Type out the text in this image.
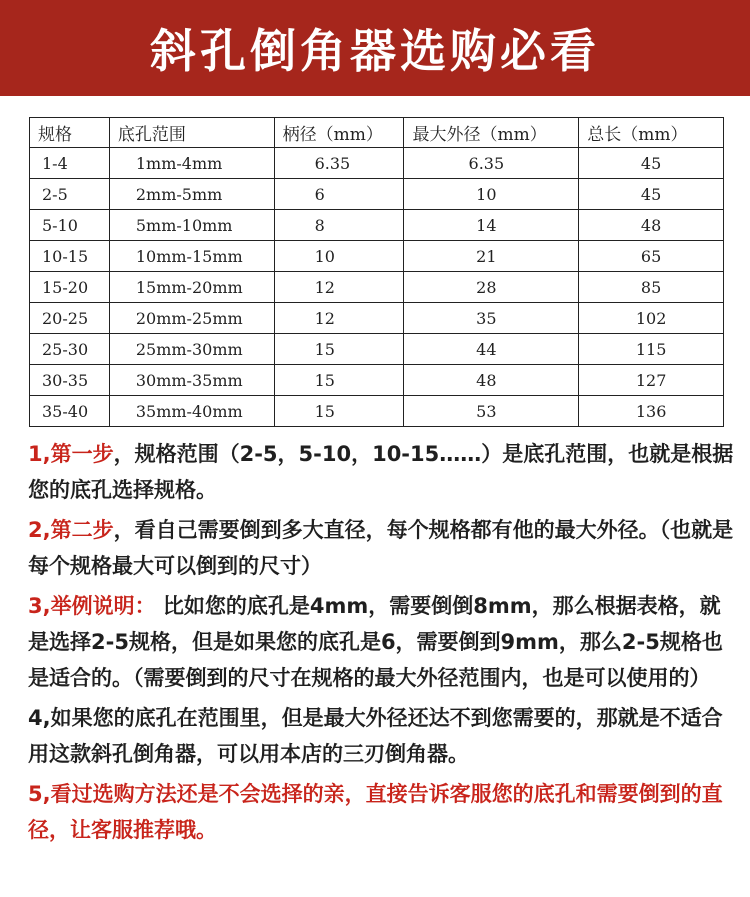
斜孔倒角器选购必看
规格	底孔范围	柄径（mm）	最大外径（mm）	总长（mm）
1-4	1mm-4mm	6.35	6.35	45
2-5	2mm-5mm	6	10	45
5-10	5mm-10mm	8	14	48
10-15	10mm-15mm	10	21	65
15-20	15mm-20mm	12	28	85
20-25	20mm-25mm	12	35	102
25-30	25mm-30mm	15	44	115
30-35	30mm-35mm	15	48	127
35-40	35mm-40mm	15	53	136

1,第一步，规格范围（2-5，5-10，10-15……）是底孔范围，也就是根据您的底孔选择规格。

2,第二步，看自己需要倒到多大直径，每个规格都有他的最大外径。（也就是每个规格最大可以倒到的尺寸）

3,举例说明： 比如您的底孔是4mm，需要倒倒8mm，那么根据表格，就是选择2-5规格，但是如果您的底孔是6，需要倒到9mm，那么2-5规格也是适合的。（需要倒到的尺寸在规格的最大外径范围内，也是可以使用的）

4,如果您的底孔在范围里，但是最大外径还达不到您需要的，那就是不适合用这款斜孔倒角器，可以用本店的三刃倒角器。

5,看过选购方法还是不会选择的亲，直接告诉客服您的底孔和需要倒到的直径，让客服推荐哦。
